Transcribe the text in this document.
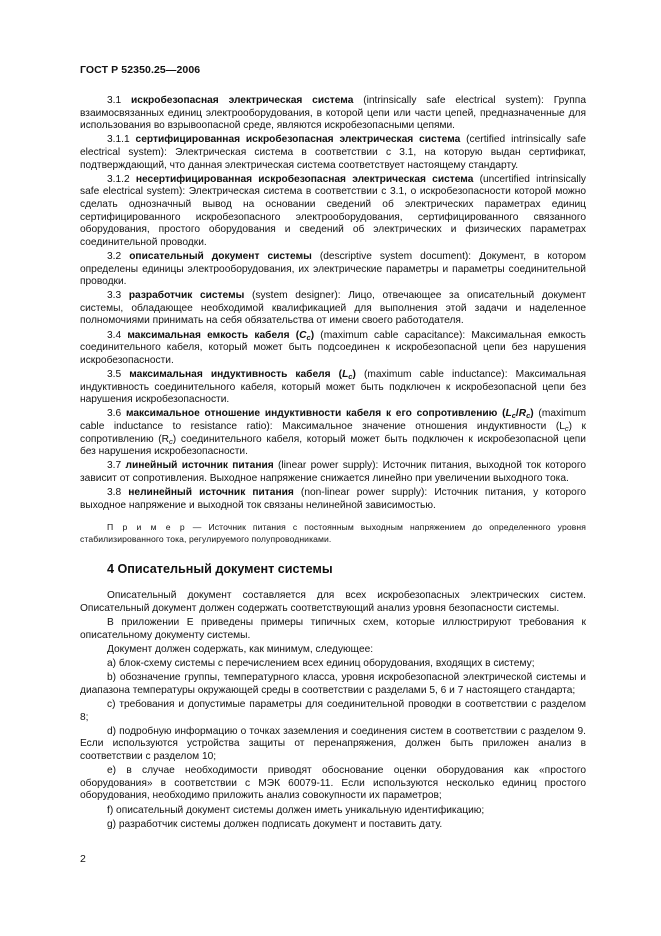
ГОСТ Р 52350.25—2006

3.1 искробезопасная электрическая система (intrinsically safe electrical system): Группа взаимосвязанных единиц электрооборудования, в которой цепи или части цепей, предназначенные для использования во взрывоопасной среде, являются искробезопасными цепями.

3.1.1 сертифицированная искробезопасная электрическая система (certified intrinsically safe electrical system): Электрическая система в соответствии с 3.1, на которую выдан сертификат, подтверждающий, что данная электрическая система соответствует настоящему стандарту.

3.1.2 несертифицированная искробезопасная электрическая система (uncertified intrinsically safe electrical system): Электрическая система в соответствии с 3.1, о искробезопасности которой можно сделать однозначный вывод на основании сведений об электрических параметрах единиц сертифицированного искробезопасного электрооборудования, сертифицированного связанного оборудования, простого оборудования и сведений об электрических и физических параметрах соединительной проводки.

3.2 описательный документ системы (descriptive system document): Документ, в котором определены единицы электрооборудования, их электрические параметры и параметры соединительной проводки.

3.3 разработчик системы (system designer): Лицо, отвечающее за описательный документ системы, обладающее необходимой квалификацией для выполнения этой задачи и наделенное полномочиями принимать на себя обязательства от имени своего работодателя.

3.4 максимальная емкость кабеля $(C_c)$ (maximum cable capacitance): Максимальная емкость соединительного кабеля, который может быть подсоединен к искробезопасной цепи без нарушения искробезопасности.

3.5 максимальная индуктивность кабеля $(L_c)$ (maximum cable inductance): Максимальная индуктивность соединительного кабеля, который может быть подключен к искробезопасной цепи без нарушения искробезопасности.

3.6 максимальное отношение индуктивности кабеля к его сопротивлению $(L_c/R_c)$ (maximum cable inductance to resistance ratio): Максимальное значение отношения индуктивности $(L_c)$ к сопротивлению $(R_c)$ соединительного кабеля, который может быть подключен к искробезопасной цепи без нарушения искробезопасности.

3.7 линейный источник питания (linear power supply): Источник питания, выходной ток которого зависит от сопротивления. Выходное напряжение снижается линейно при увеличении выходного тока.

3.8 нелинейный источник питания (non-linear power supply): Источник питания, у которого выходное напряжение и выходной ток связаны нелинейной зависимостью.

П р и м е р — Источник питания с постоянным выходным напряжением до определенного уровня стабилизированного тока, регулируемого полупроводниками.

4 Описательный документ системы

Описательный документ составляется для всех искробезопасных электрических систем. Описательный документ должен содержать соответствующий анализ уровня безопасности системы.

В приложении Е приведены примеры типичных схем, которые иллюстрируют требования к описательному документу системы.

Документ должен содержать, как минимум, следующее:

a) блок-схему системы с перечислением всех единиц оборудования, входящих в систему;

b) обозначение группы, температурного класса, уровня искробезопасной электрической системы и диапазона температуры окружающей среды в соответствии с разделами 5, 6 и 7 настоящего стандарта;

c) требования и допустимые параметры для соединительной проводки в соответствии с разделом 8;

d) подробную информацию о точках заземления и соединения систем в соответствии с разделом 9. Если используются устройства защиты от перенапряжения, должен быть приложен анализ в соответствии с разделом 10;

e) в случае необходимости приводят обоснование оценки оборудования как «простого оборудования» в соответствии с МЭК 60079-11. Если используются несколько единиц простого оборудования, необходимо приложить анализ совокупности их параметров;

f) описательный документ системы должен иметь уникальную идентификацию;

g) разработчик системы должен подписать документ и поставить дату.

2
